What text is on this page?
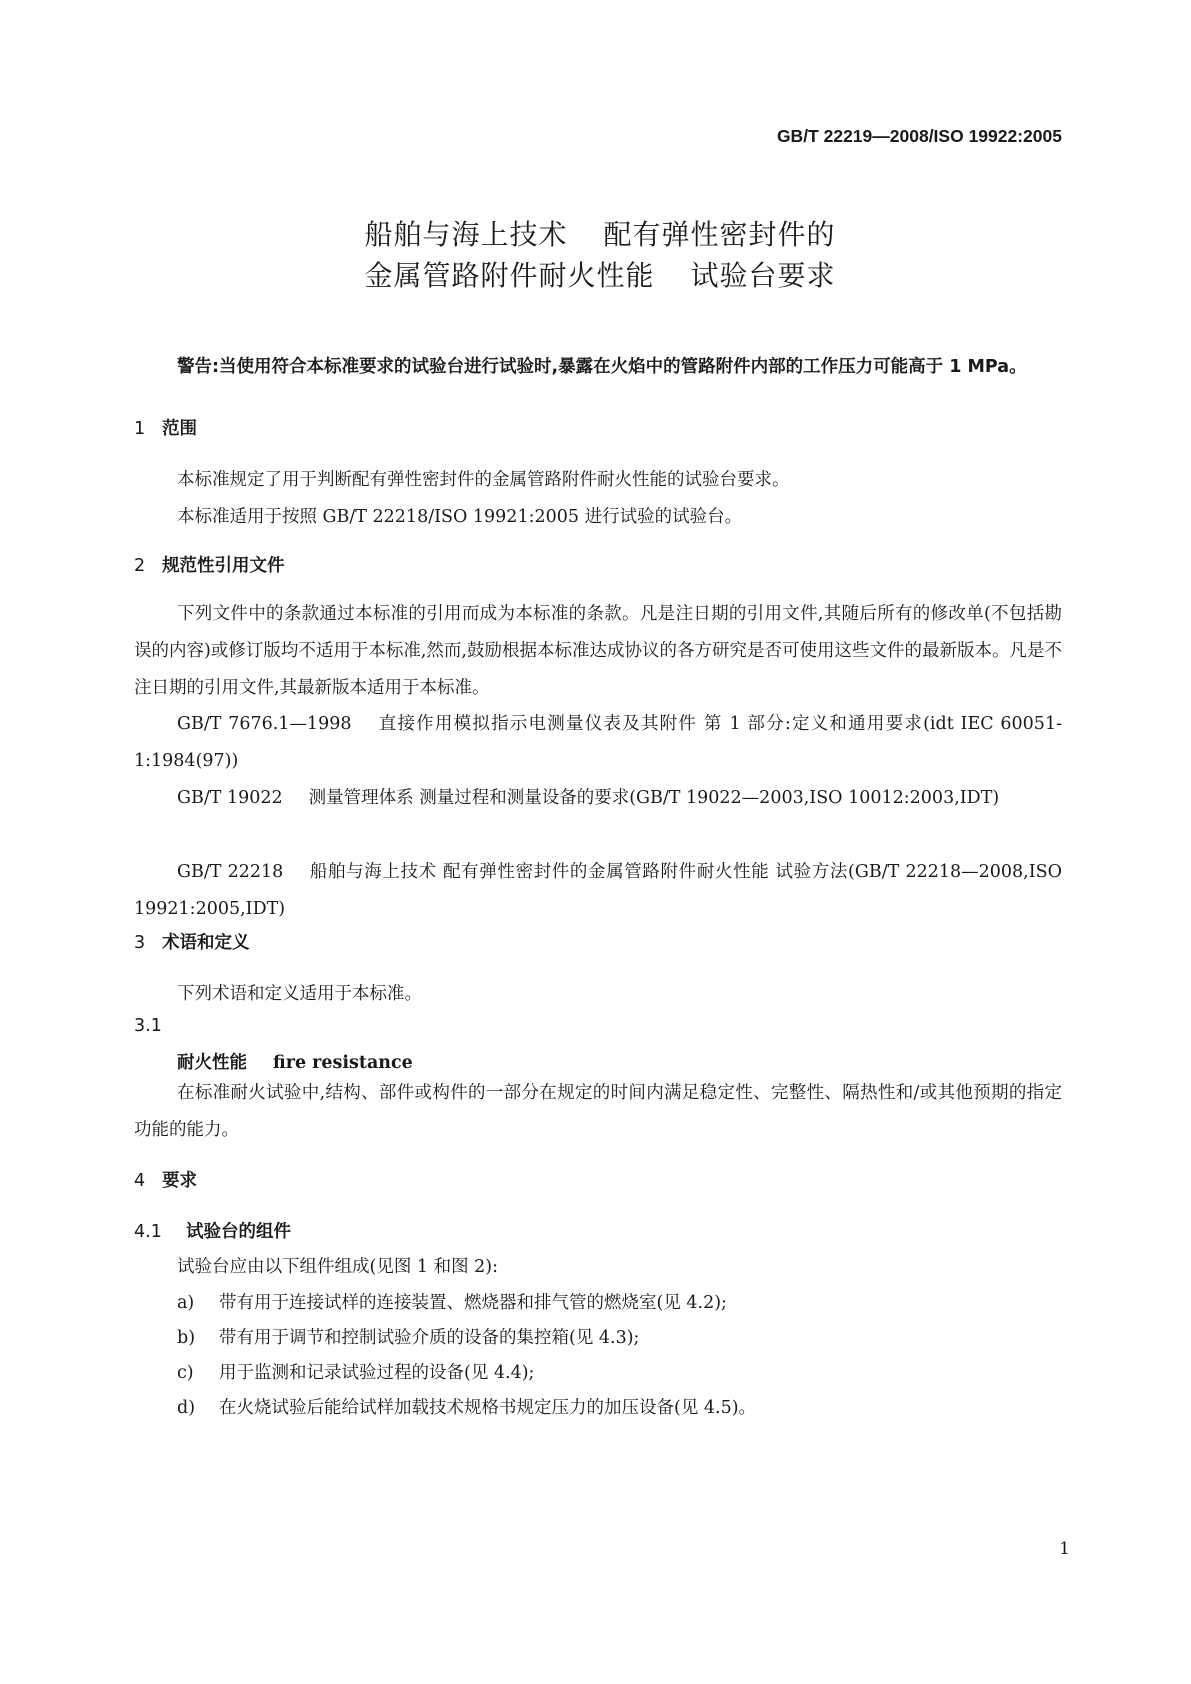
GB/T 22219—2008/ISO 19922:2005
船舶与海上技术 配有弹性密封件的
金属管路附件耐火性能 试验台要求

警告:当使用符合本标准要求的试验台进行试验时,暴露在火焰中的管路附件内部的工作压力可能高于 1 MPa。

1 范围
本标准规定了用于判断配有弹性密封件的金属管路附件耐火性能的试验台要求。
本标准适用于按照 GB/T 22218/ISO 19921:2005 进行试验的试验台。
2 规范性引用文件

下列文件中的条款通过本标准的引用而成为本标准的条款。凡是注日期的引用文件,其随后所有的修改单(不包括勘误的内容)或修订版均不适用于本标准,然而,鼓励根据本标准达成协议的各方研究是否可使用这些文件的最新版本。凡是不注日期的引用文件,其最新版本适用于本标准。

GB/T 7676.1—1998 直接作用模拟指示电测量仪表及其附件 第 1 部分:定义和通用要求(idt IEC 60051-1:1984(97))

GB/T 19022 测量管理体系 测量过程和测量设备的要求(GB/T 19022—2003,ISO 10012:2003,IDT)

GB/T 22218 船舶与海上技术 配有弹性密封件的金属管路附件耐火性能 试验方法(GB/T 22218—2008,ISO 19921:2005,IDT)

3 术语和定义
下列术语和定义适用于本标准。
3.1
耐火性能 fire resistance

在标准耐火试验中,结构、部件或构件的一部分在规定的时间内满足稳定性、完整性、隔热性和/或其他预期的指定功能的能力。

4 要求
4.1 试验台的组件
试验台应由以下组件组成(见图 1 和图 2):
a) 带有用于连接试样的连接装置、燃烧器和排气管的燃烧室(见 4.2);
b) 带有用于调节和控制试验介质的设备的集控箱(见 4.3);
c) 用于监测和记录试验过程的设备(见 4.4);
d) 在火烧试验后能给试样加载技术规格书规定压力的加压设备(见 4.5)。
1
